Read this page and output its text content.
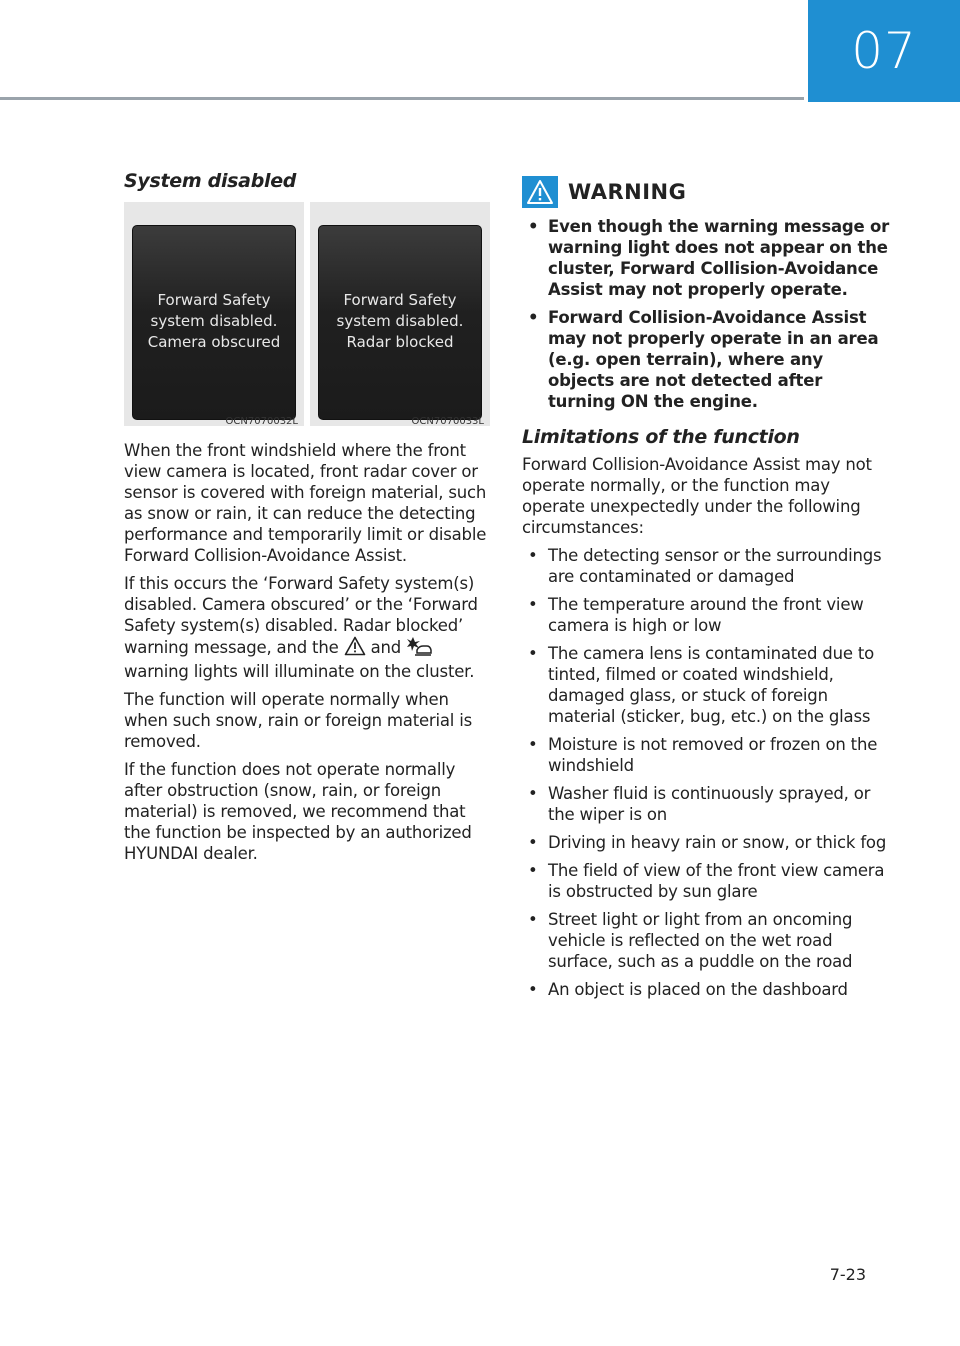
07
System disabled
Forward Safety
system disabled.
Camera obscured
OCN7070032L
Forward Safety
system disabled.
Radar blocked
OCN7070033L

When the front windshield where the front view camera is located, front radar cover or sensor is covered with foreign material, such as snow or rain, it can reduce the detecting performance and temporarily limit or disable Forward Collision-Avoidance Assist.

If this occurs the ‘Forward Safety system(s) disabled. Camera obscured’ or the ‘Forward Safety system(s) disabled. Radar blocked’ warning message, and the and  warning lights will illuminate on the cluster.

The function will operate normally when when such snow, rain or foreign material is removed.

If the function does not operate normally after obstruction (snow, rain, or foreign material) is removed, we recommend that the function be inspected by an authorized HYUNDAI dealer.

WARNING
• Even though the warning message or warning light does not appear on the cluster, Forward Collision-Avoidance Assist may not properly operate.
• Forward Collision-Avoidance Assist may not properly operate in an area (e.g. open terrain), where any objects are not detected after turning ON the engine.
Limitations of the function

Forward Collision-Avoidance Assist may not operate normally, or the function may operate unexpectedly under the following circumstances:

• The detecting sensor or the surroundings are contaminated or damaged
• The temperature around the front view camera is high or low
• The camera lens is contaminated due to tinted, filmed or coated windshield, damaged glass, or stuck of foreign material (sticker, bug, etc.) on the glass
• Moisture is not removed or frozen on the windshield
• Washer fluid is continuously sprayed, or the wiper is on
• Driving in heavy rain or snow, or thick fog
• The field of view of the front view camera is obstructed by sun glare
• Street light or light from an oncoming vehicle is reflected on the wet road surface, such as a puddle on the road
• An object is placed on the dashboard
7-23
